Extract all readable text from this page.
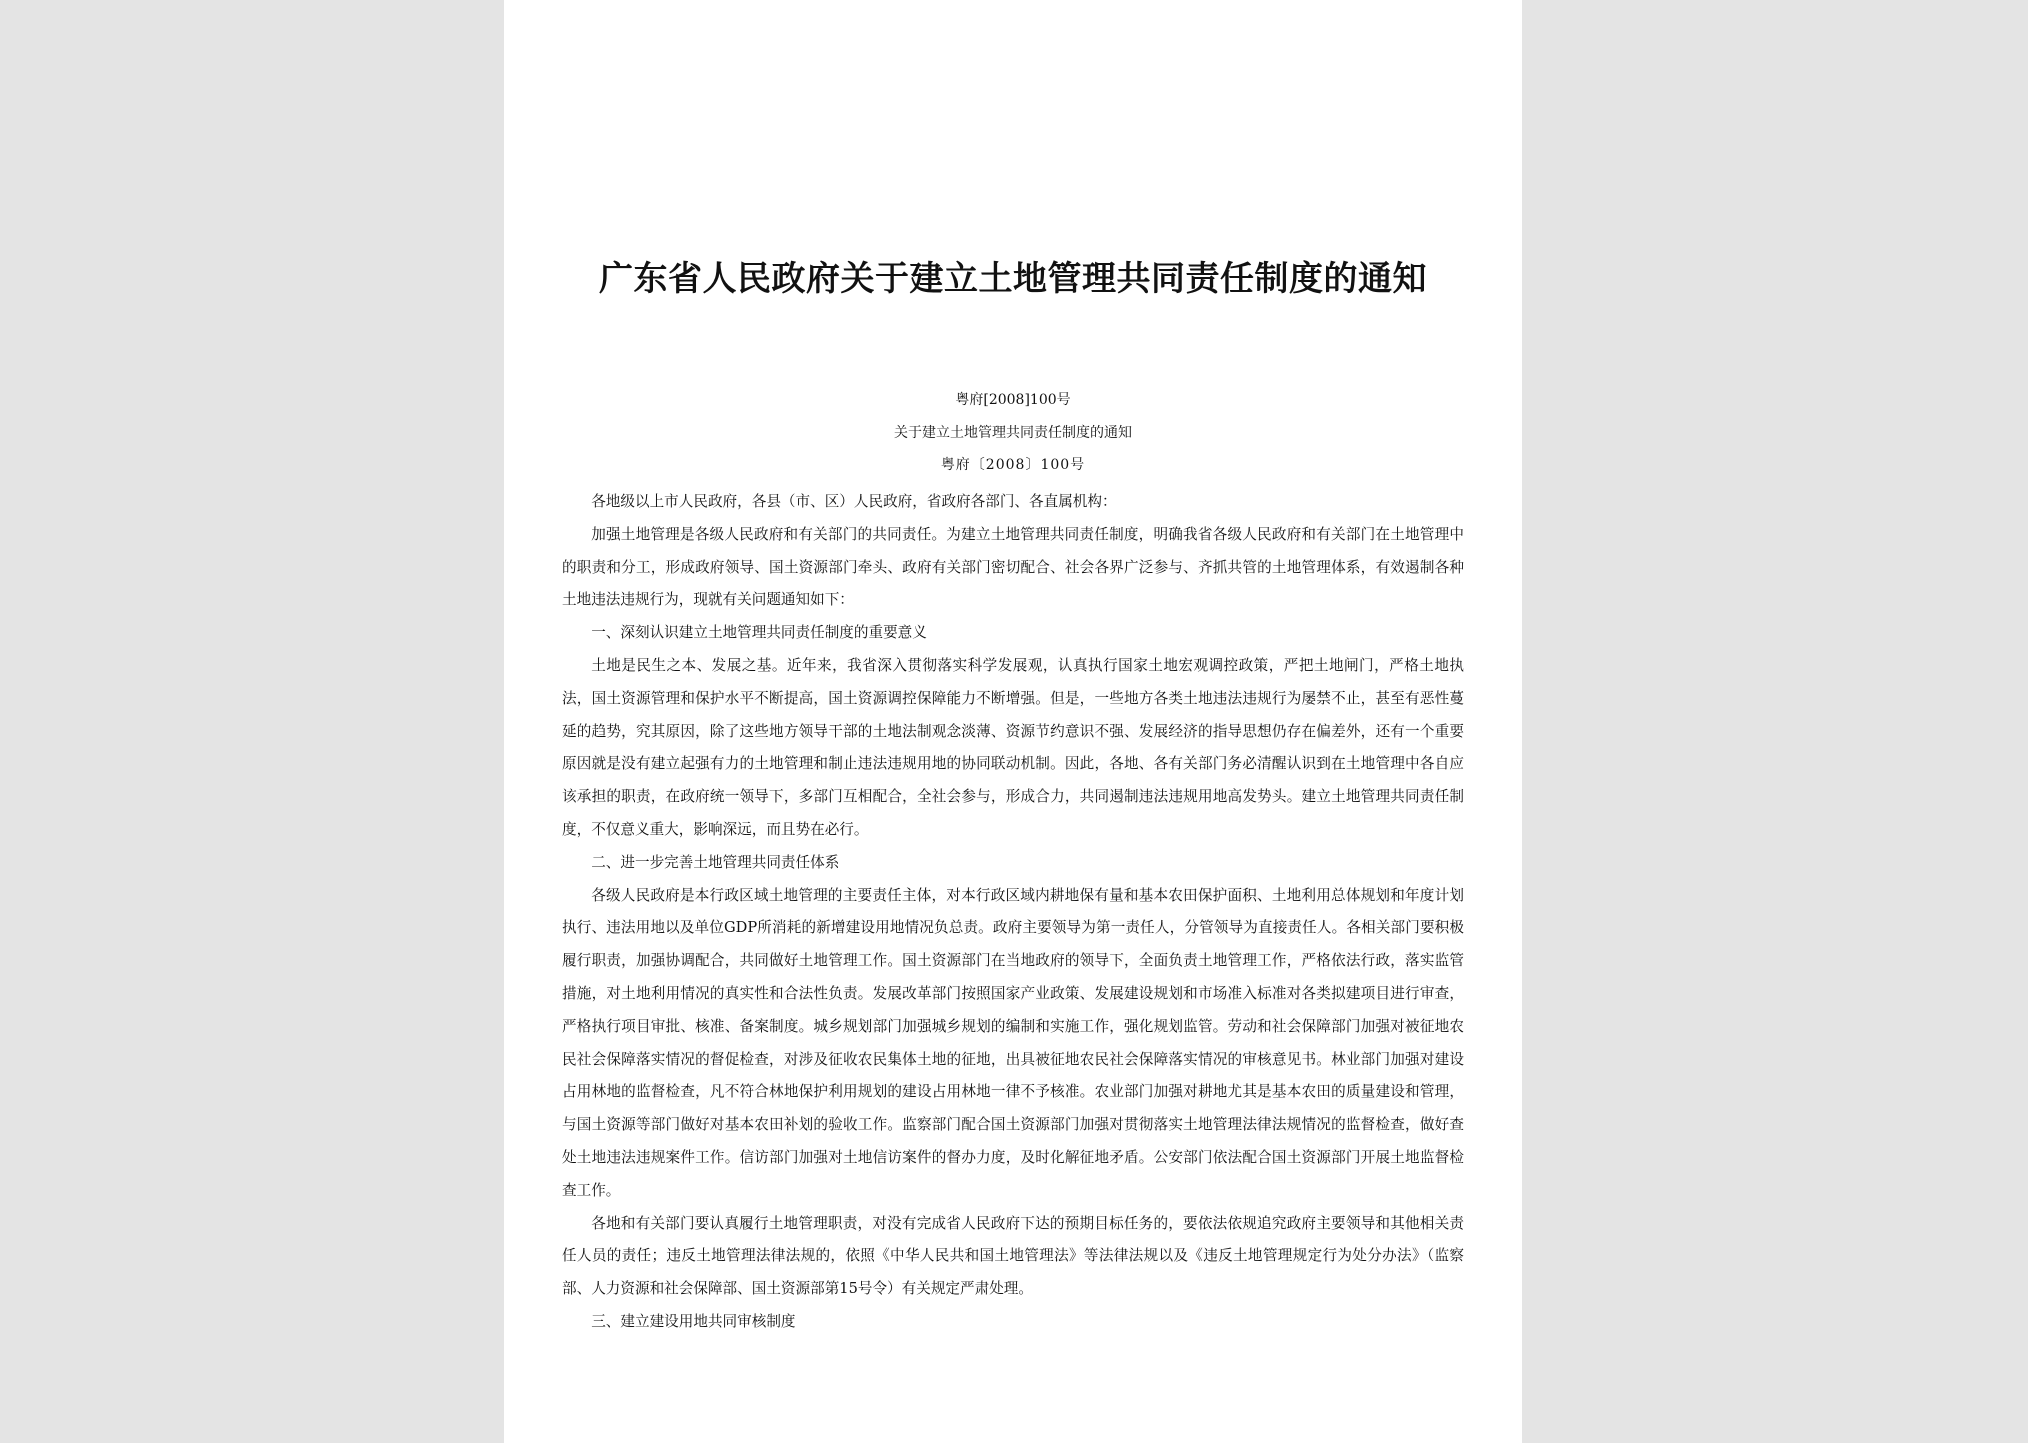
广东省人民政府关于建立土地管理共同责任制度的通知

粤府[2008]100号

关于建立土地管理共同责任制度的通知

粤府〔2008〕100号

各地级以上市人民政府，各县（市、区）人民政府，省政府各部门、各直属机构：

加强土地管理是各级人民政府和有关部门的共同责任。为建立土地管理共同责任制度，明确我省各级人民政府和有关部门在土地管理中的职责和分工，形成政府领导、国土资源部门牵头、政府有关部门密切配合、社会各界广泛参与、齐抓共管的土地管理体系，有效遏制各种土地违法违规行为，现就有关问题通知如下：

一、深刻认识建立土地管理共同责任制度的重要意义

土地是民生之本、发展之基。近年来，我省深入贯彻落实科学发展观，认真执行国家土地宏观调控政策，严把土地闸门，严格土地执法，国土资源管理和保护水平不断提高，国土资源调控保障能力不断增强。但是，一些地方各类土地违法违规行为屡禁不止，甚至有恶性蔓延的趋势，究其原因，除了这些地方领导干部的土地法制观念淡薄、资源节约意识不强、发展经济的指导思想仍存在偏差外，还有一个重要原因就是没有建立起强有力的土地管理和制止违法违规用地的协同联动机制。因此，各地、各有关部门务必清醒认识到在土地管理中各自应该承担的职责，在政府统一领导下，多部门互相配合，全社会参与，形成合力，共同遏制违法违规用地高发势头。建立土地管理共同责任制度，不仅意义重大，影响深远，而且势在必行。

二、进一步完善土地管理共同责任体系

各级人民政府是本行政区域土地管理的主要责任主体，对本行政区域内耕地保有量和基本农田保护面积、土地利用总体规划和年度计划执行、违法用地以及单位GDP所消耗的新增建设用地情况负总责。政府主要领导为第一责任人，分管领导为直接责任人。各相关部门要积极履行职责，加强协调配合，共同做好土地管理工作。国土资源部门在当地政府的领导下，全面负责土地管理工作，严格依法行政，落实监管措施，对土地利用情况的真实性和合法性负责。发展改革部门按照国家产业政策、发展建设规划和市场准入标准对各类拟建项目进行审查，严格执行项目审批、核准、备案制度。城乡规划部门加强城乡规划的编制和实施工作，强化规划监管。劳动和社会保障部门加强对被征地农民社会保障落实情况的督促检查，对涉及征收农民集体土地的征地，出具被征地农民社会保障落实情况的审核意见书。林业部门加强对建设占用林地的监督检查，凡不符合林地保护利用规划的建设占用林地一律不予核准。农业部门加强对耕地尤其是基本农田的质量建设和管理，与国土资源等部门做好对基本农田补划的验收工作。监察部门配合国土资源部门加强对贯彻落实土地管理法律法规情况的监督检查，做好查处土地违法违规案件工作。信访部门加强对土地信访案件的督办力度，及时化解征地矛盾。公安部门依法配合国土资源部门开展土地监督检查工作。

各地和有关部门要认真履行土地管理职责，对没有完成省人民政府下达的预期目标任务的，要依法依规追究政府主要领导和其他相关责任人员的责任；违反土地管理法律法规的，依照《中华人民共和国土地管理法》等法律法规以及《违反土地管理规定行为处分办法》（监察部、人力资源和社会保障部、国土资源部第15号令）有关规定严肃处理。

三、建立建设用地共同审核制度
